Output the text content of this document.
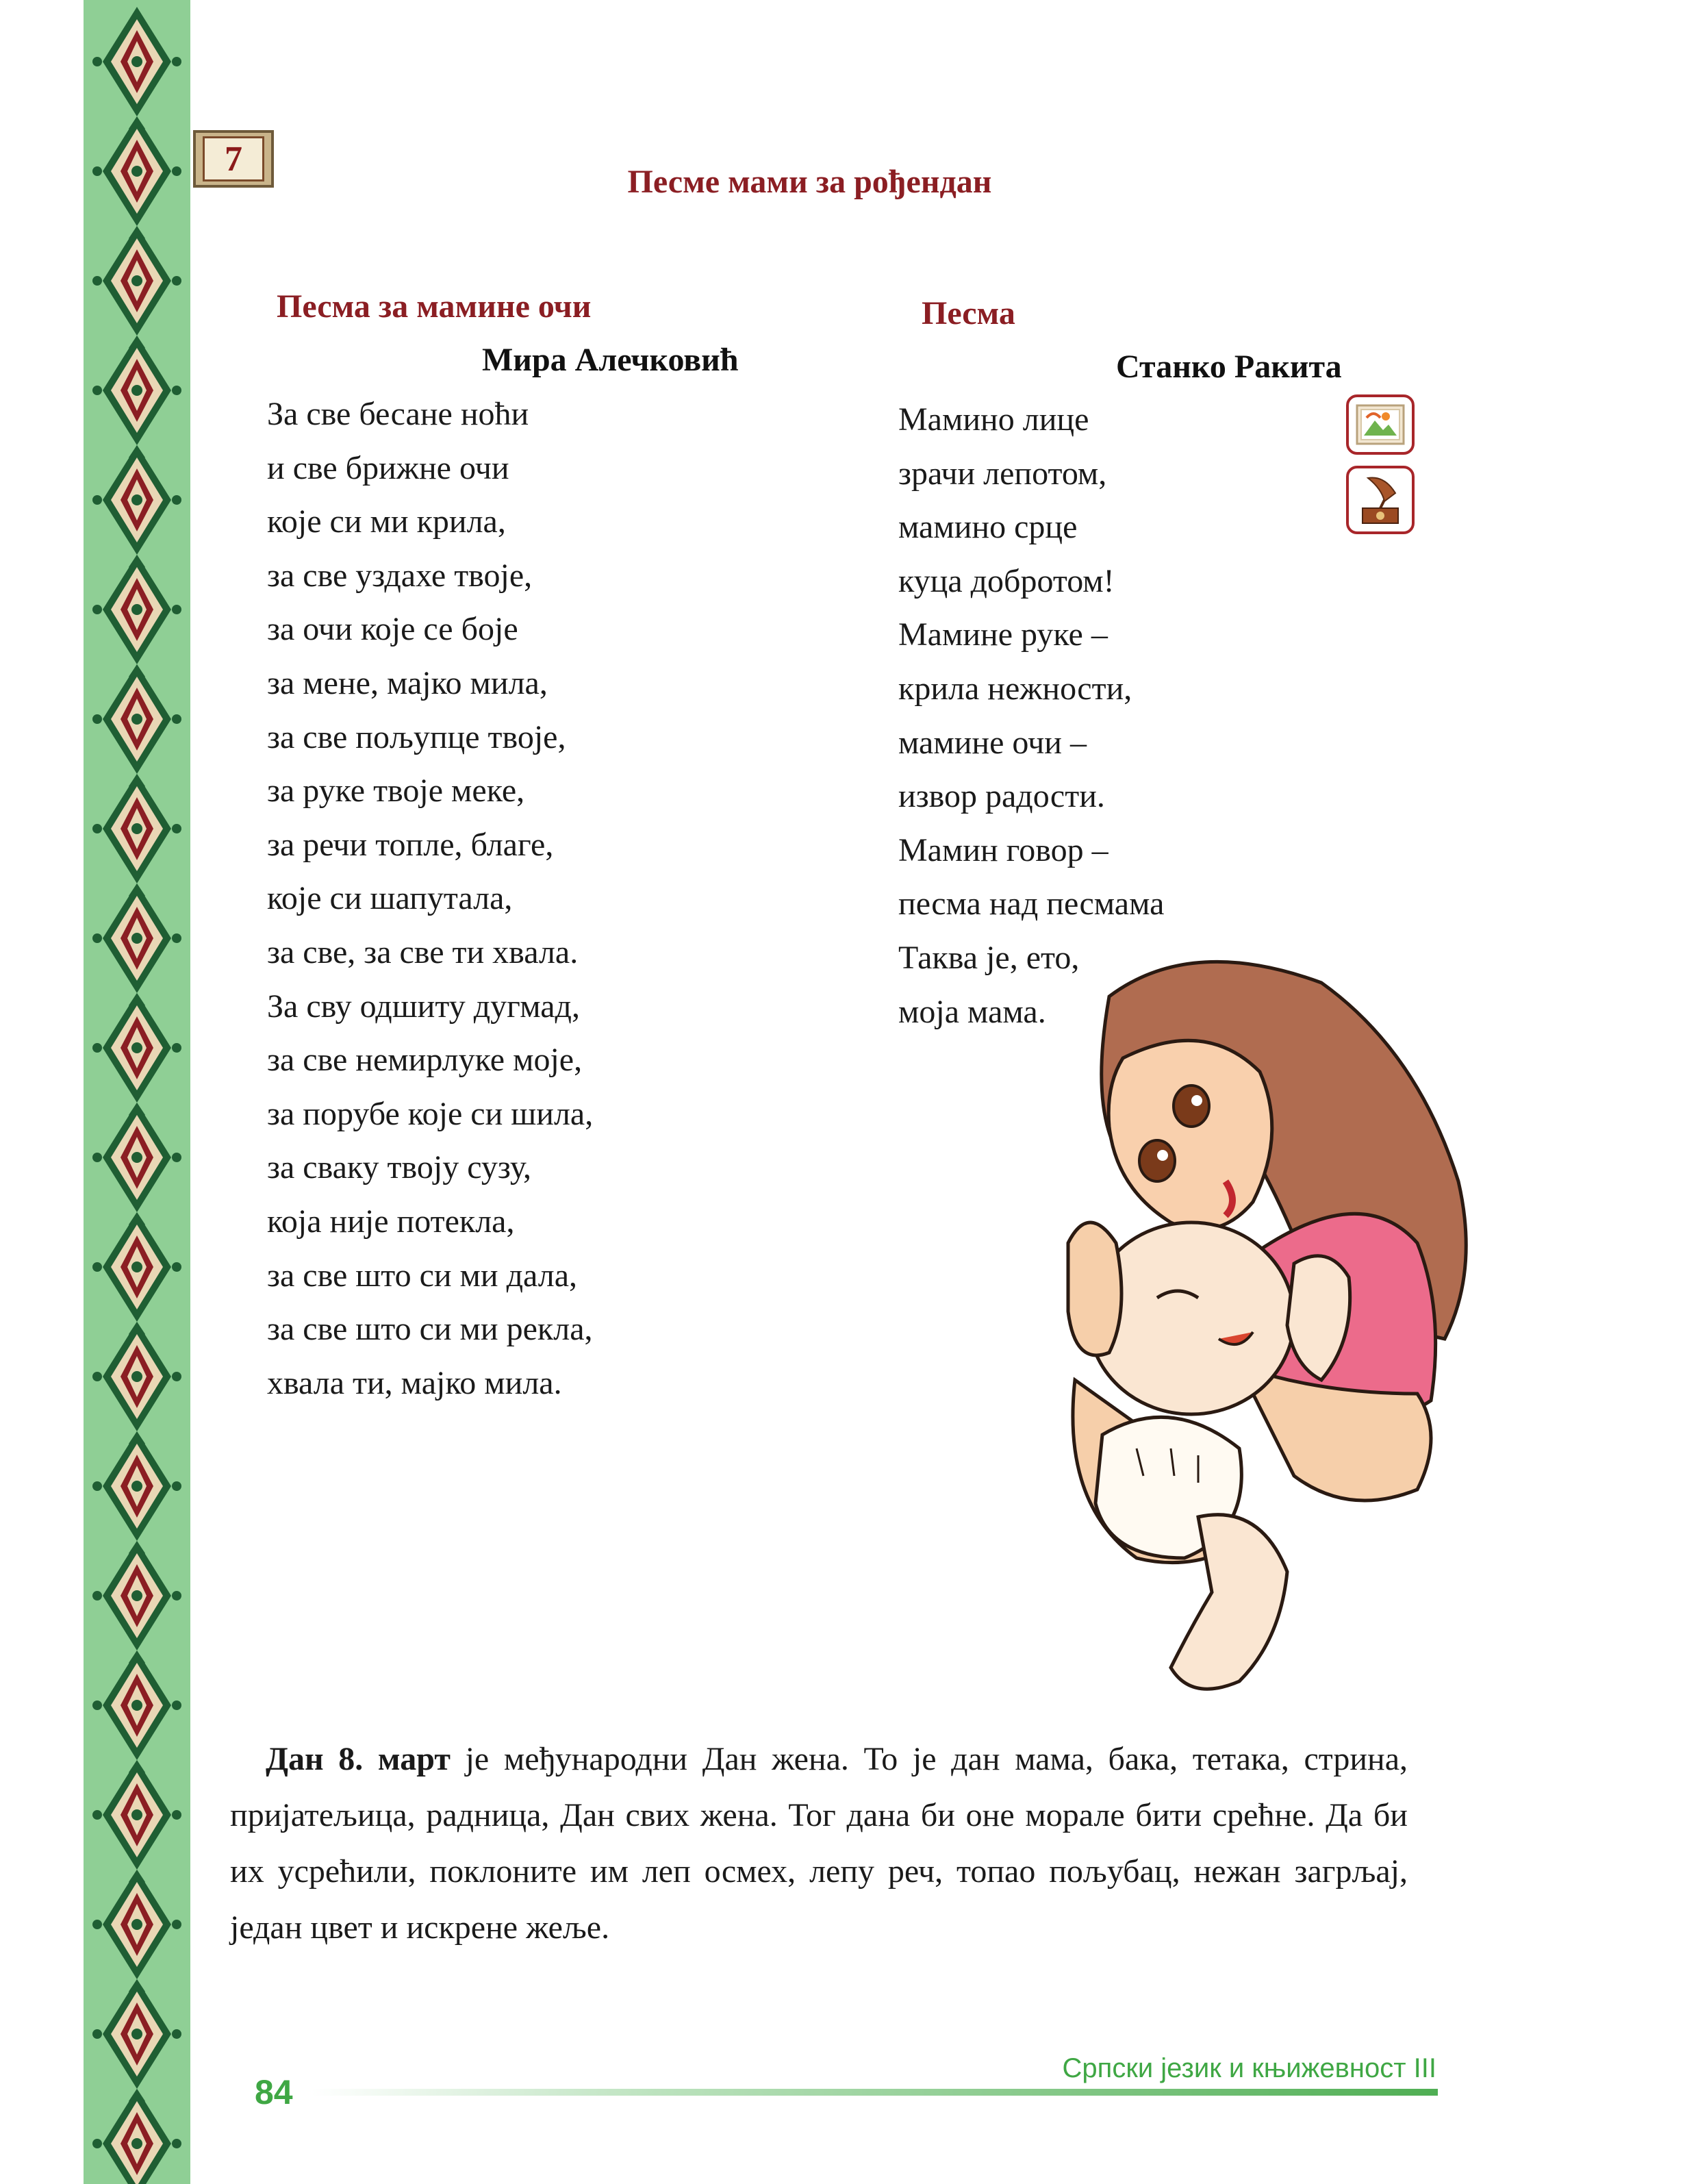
7
Песме мами за рођендан
Песма за мамине очи
Мира Алечковић
За све бесане ноћи
и све брижне очи
које си ми крила,
за све уздахе твоје,
за очи које се боје
за мене, мајко мила,
за све пољупце твоје,
за руке твоје меке,
за речи топле, благе,
које си шапутала,
за све, за све ти хвала.
За сву одшиту дугмад,
за све немирлуке моје,
за порубе које си шила,
за сваку твоју сузу,
која није потекла,
за све што си ми дала,
за све што си ми рекла,
хвала ти, мајко мила.
Песма
Станко Ракита
Мамино лице
зрачи лепотом,
мамино срце
куца добротом!
Мамине руке –
крила нежности,
мамине очи –
извор радости.
Мамин говор –
песма над песмама
Таква је, ето,
моја мама.

Дан 8. март је међународни Дан жена. То је дан мама, бака, тетака, стрина, пријатељица, радница, Дан свих жена. Тог дана би оне морале бити срећне. Да би их усрећили, поклоните им леп осмех, лепу реч, топао пољубац, нежан загрљај, један цвет и искрене жеље.

Српски језик и књижевност III
84
